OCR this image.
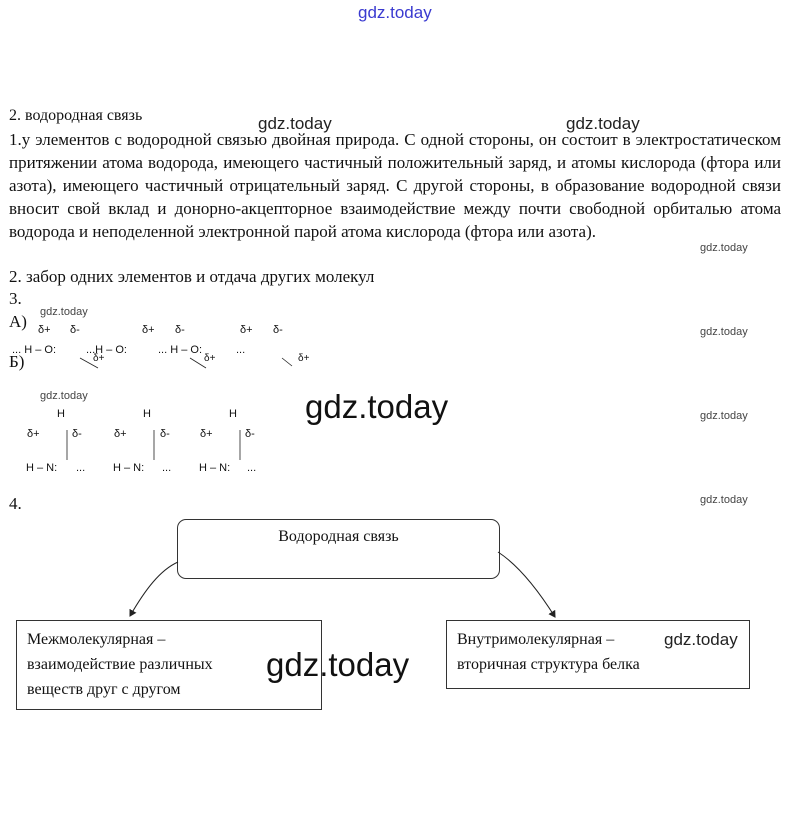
gdz.today
gdz.today	gdz.today
gdz.today
gdz.today
gdz.today
gdz.today	gdz.today	gdz.today
gdz.today
2. водородная связь
1.у элементов с водородной связью двойная природа. С одной стороны, он состоит в электростатическом притяжении атома водорода, имеющего частичный положительный заряд, и атомы кислорода (фтора или азота), имеющего частичный отрицательный заряд. С другой стороны, в образование водородной связи вносит свой вклад и донорно-акцепторное взаимодействие между почти свободной орбиталью атома водорода и неподеленной электронной парой атома кислорода (фтора или азота).
2. забор одних элементов и отдача других молекул
3.
А) δ+ δ-	δ+ δ-	δ+ δ-
... H – O:	...H – O:	... H – O:	...
δ+	δ+	δ+
Б)
H	H	H
δ+	δ-	δ+	δ-	δ+	δ-
H – N: ...	H – N: ...	H – N: ...
4.
Водородная связь
Межмолекулярная –
взаимодействие различных
веществ друг с другом
Внутримолекулярная –
вторичная структура белка
gdz.today
gdz.today
